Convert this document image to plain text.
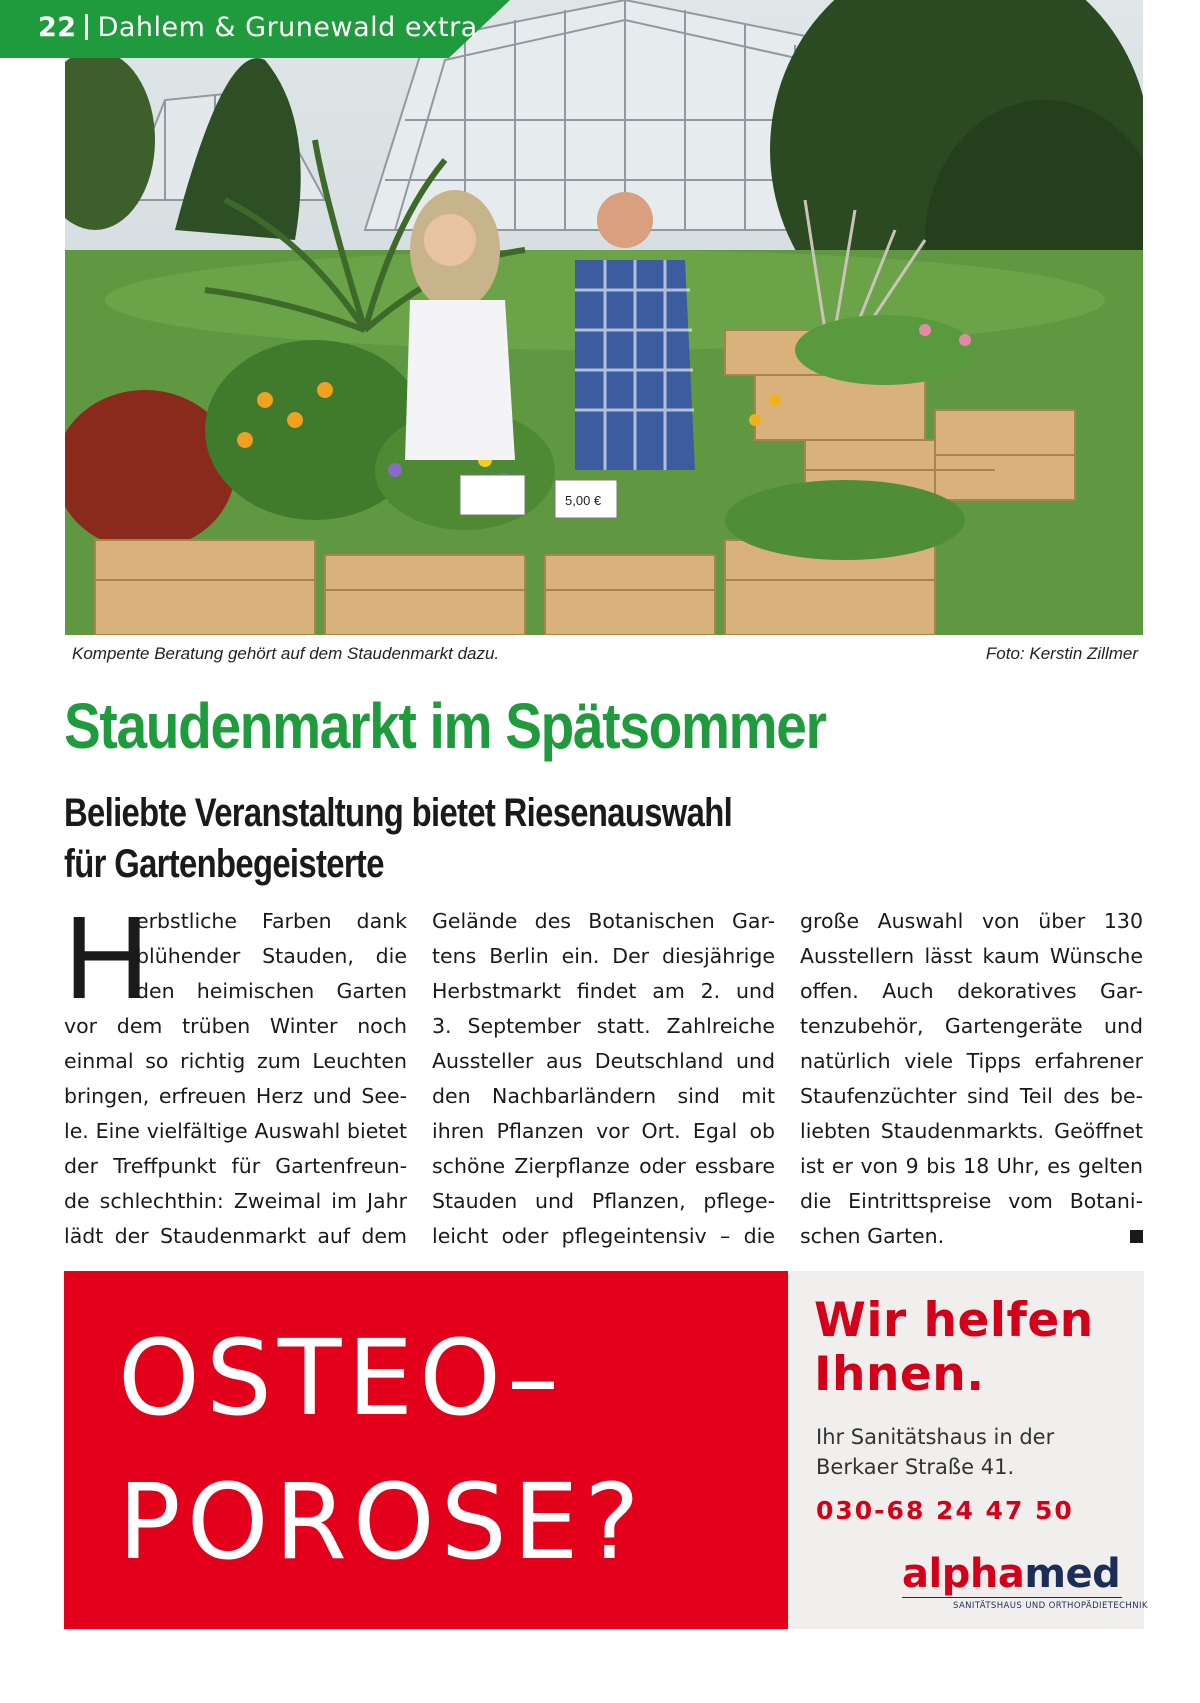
5,00 €
22 Dahlem & Grunewald extra
Kompente Beratung gehört auf dem Staudenmarkt dazu.	Foto: Kerstin Zillmer
Staudenmarkt im Spätsommer
Beliebte Veranstaltung bietet Riesenauswahl
für Gartenbegeisterte
H
erbstliche Farben dank
blühender Stauden, die
den heimischen Garten
vor dem trüben Winter noch
einmal so richtig zum Leuchten
bringen, erfreuen Herz und See-
le. Eine vielfältige Auswahl bietet
der Treffpunkt für Gartenfreun-
de schlechthin: Zweimal im Jahr
lädt der Staudenmarkt auf dem
Gelände des Botanischen Gar-
tens Berlin ein. Der diesjährige
Herbstmarkt findet am 2. und
3. September statt. Zahlreiche
Aussteller aus Deutschland und
den Nachbarländern sind mit
ihren Pflanzen vor Ort. Egal ob
schöne Zierpflanze oder essbare
Stauden und Pflanzen, pflege-
leicht oder pflegeintensiv – die
große Auswahl von über 130
Ausstellern lässt kaum Wünsche
offen. Auch dekoratives Gar-
tenzubehör, Gartengeräte und
natürlich viele Tipps erfahrener
Staufenzüchter sind Teil des be-
liebten Staudenmarkts. Geöffnet
ist er von 9 bis 18 Uhr, es gelten
die Eintrittspreise vom Botani-
schen Garten.
OSTEO–
POROSE?
Wir helfen
Ihnen.
Ihr Sanitätshaus in der
Berkaer Straße 41.
030-68 24 47 50
alphamed
SANITÄTSHAUS UND ORTHOPÄDIETECHNIK
